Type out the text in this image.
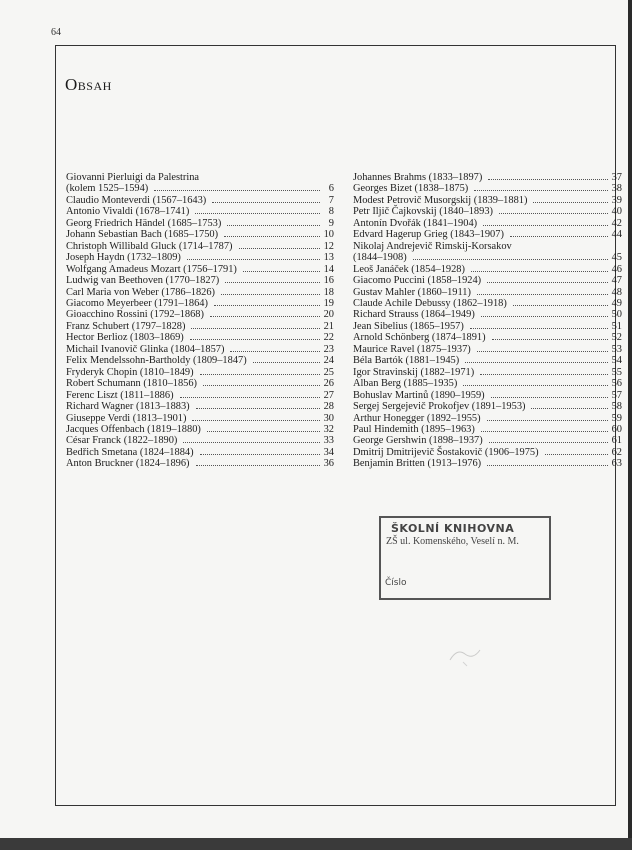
64
Obsah
Giovanni Pierluigi da Palestrina
(kolem 1525–1594)	6
Claudio Monteverdi (1567–1643)	7
Antonio Vivaldi (1678–1741)	8
Georg Friedrich Händel (1685–1753)	9
Johann Sebastian Bach (1685–1750)	10
Christoph Willibald Gluck (1714–1787)	12
Joseph Haydn (1732–1809)	13
Wolfgang Amadeus Mozart (1756–1791)	14
Ludwig van Beethoven (1770–1827)	16
Carl Maria von Weber (1786–1826)	18
Giacomo Meyerbeer (1791–1864)	19
Gioacchino Rossini (1792–1868)	20
Franz Schubert (1797–1828)	21
Hector Berlioz (1803–1869)	22
Michail Ivanovič Glinka (1804–1857)	23
Felix Mendelssohn-Bartholdy (1809–1847)	24
Fryderyk Chopin (1810–1849)	25
Robert Schumann (1810–1856)	26
Ferenc Liszt (1811–1886)	27
Richard Wagner (1813–1883)	28
Giuseppe Verdi (1813–1901)	30
Jacques Offenbach (1819–1880)	32
César Franck (1822–1890)	33
Bedřich Smetana (1824–1884)	34
Anton Bruckner (1824–1896)	36
Johannes Brahms (1833–1897)	37
Georges Bizet (1838–1875)	38
Modest Petrovič Musorgskij (1839–1881)	39
Petr Iljič Čajkovskij (1840–1893)	40
Antonín Dvořák (1841–1904)	42
Edvard Hagerup Grieg (1843–1907)	44
Nikolaj Andrejevič Rimskij-Korsakov
(1844–1908)	45
Leoš Janáček (1854–1928)	46
Giacomo Puccini (1858–1924)	47
Gustav Mahler (1860–1911)	48
Claude Achile Debussy (1862–1918)	49
Richard Strauss (1864–1949)	50
Jean Sibelius (1865–1957)	51
Arnold Schönberg (1874–1891)	52
Maurice Ravel (1875–1937)	53
Béla Bartók (1881–1945)	54
Igor Stravinskij (1882–1971)	55
Alban Berg (1885–1935)	56
Bohuslav Martinů (1890–1959)	57
Sergej Sergejevič Prokofjev (1891–1953)	58
Arthur Honegger (1892–1955)	59
Paul Hindemith (1895–1963)	60
George Gershwin (1898–1937)	61
Dmitrij Dmitrijevič Šostakovič (1906–1975)	62
Benjamin Britten (1913–1976)	63
ŠKOLNÍ KNIHOVNA
ZŠ ul. Komenského, Veselí n. M.
Číslo
